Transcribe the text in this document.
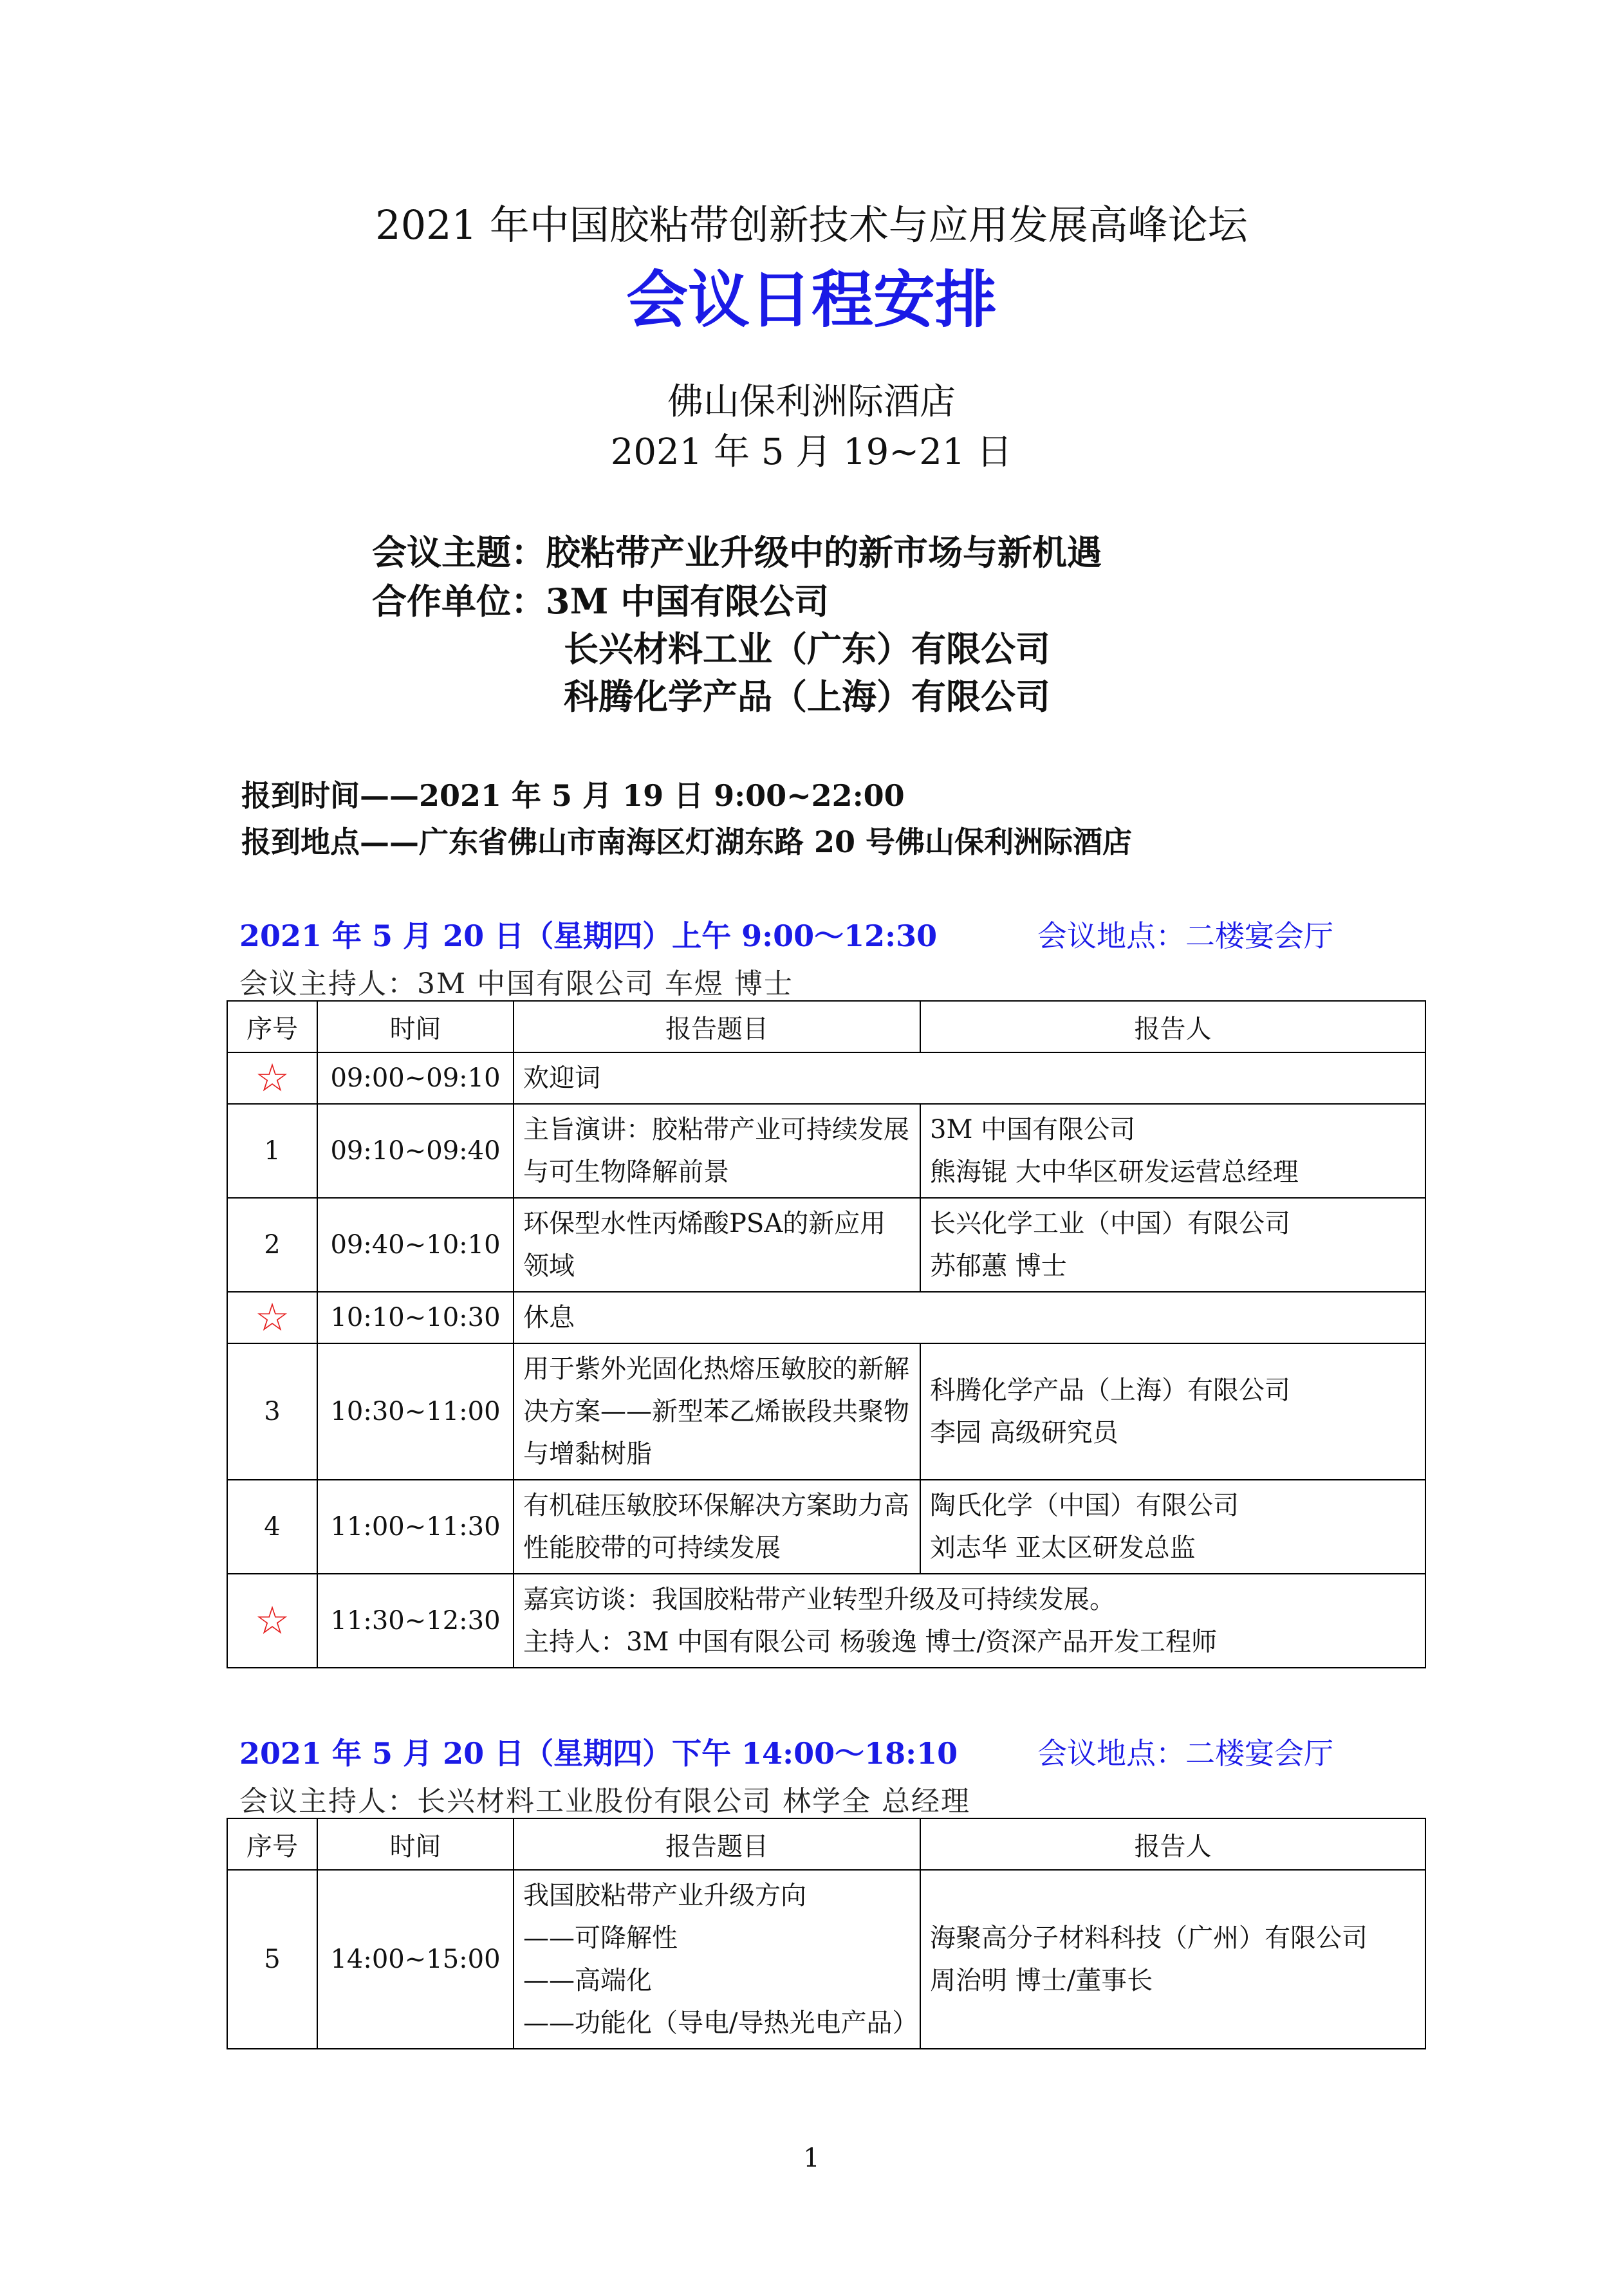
2021 年中国胶粘带创新技术与应用发展高峰论坛
会议日程安排
佛山保利洲际酒店
2021 年 5 月 19~21 日
会议主题：胶粘带产业升级中的新市场与新机遇
合作单位：3M 中国有限公司
长兴材料工业（广东）有限公司
科腾化学产品（上海）有限公司
报到时间——2021 年 5 月 19 日 9:00~22:00
报到地点——广东省佛山市南海区灯湖东路 20 号佛山保利洲际酒店
2021 年 5 月 20 日（星期四）上午 9:00～12:30	会议地点：二楼宴会厅
会议主持人：3M 中国有限公司 车煜 博士
序号	时间	报告题目	报告人
☆	09:00~09:10	欢迎词	
1	09:10~09:40	主旨演讲：胶粘带产业可持续发展与可生物降解前景	3M 中国有限公司
熊海锟 大中华区研发运营总经理
2	09:40~10:10	环保型水性丙烯酸PSA的新应用领域	长兴化学工业（中国）有限公司
苏郁蕙 博士
☆	10:10~10:30	休息	
3	10:30~11:00	用于紫外光固化热熔压敏胶的新解决方案——新型苯乙烯嵌段共聚物与增黏树脂	科腾化学产品（上海）有限公司
李园 高级研究员
4	11:00~11:30	有机硅压敏胶环保解决方案助力高性能胶带的可持续发展	陶氏化学（中国）有限公司
刘志华 亚太区研发总监
☆	11:30~12:30	嘉宾访谈：我国胶粘带产业转型升级及可持续发展。
主持人：3M 中国有限公司 杨骏逸 博士/资深产品开发工程师	
2021 年 5 月 20 日（星期四）下午 14:00～18:10	会议地点：二楼宴会厅
会议主持人：长兴材料工业股份有限公司 林学全 总经理
序号	时间	报告题目	报告人
5	14:00~15:00	我国胶粘带产业升级方向
——可降解性
——高端化
——功能化（导电/导热光电产品）	海聚高分子材料科技（广州）有限公司
周治明 博士/董事长
1
